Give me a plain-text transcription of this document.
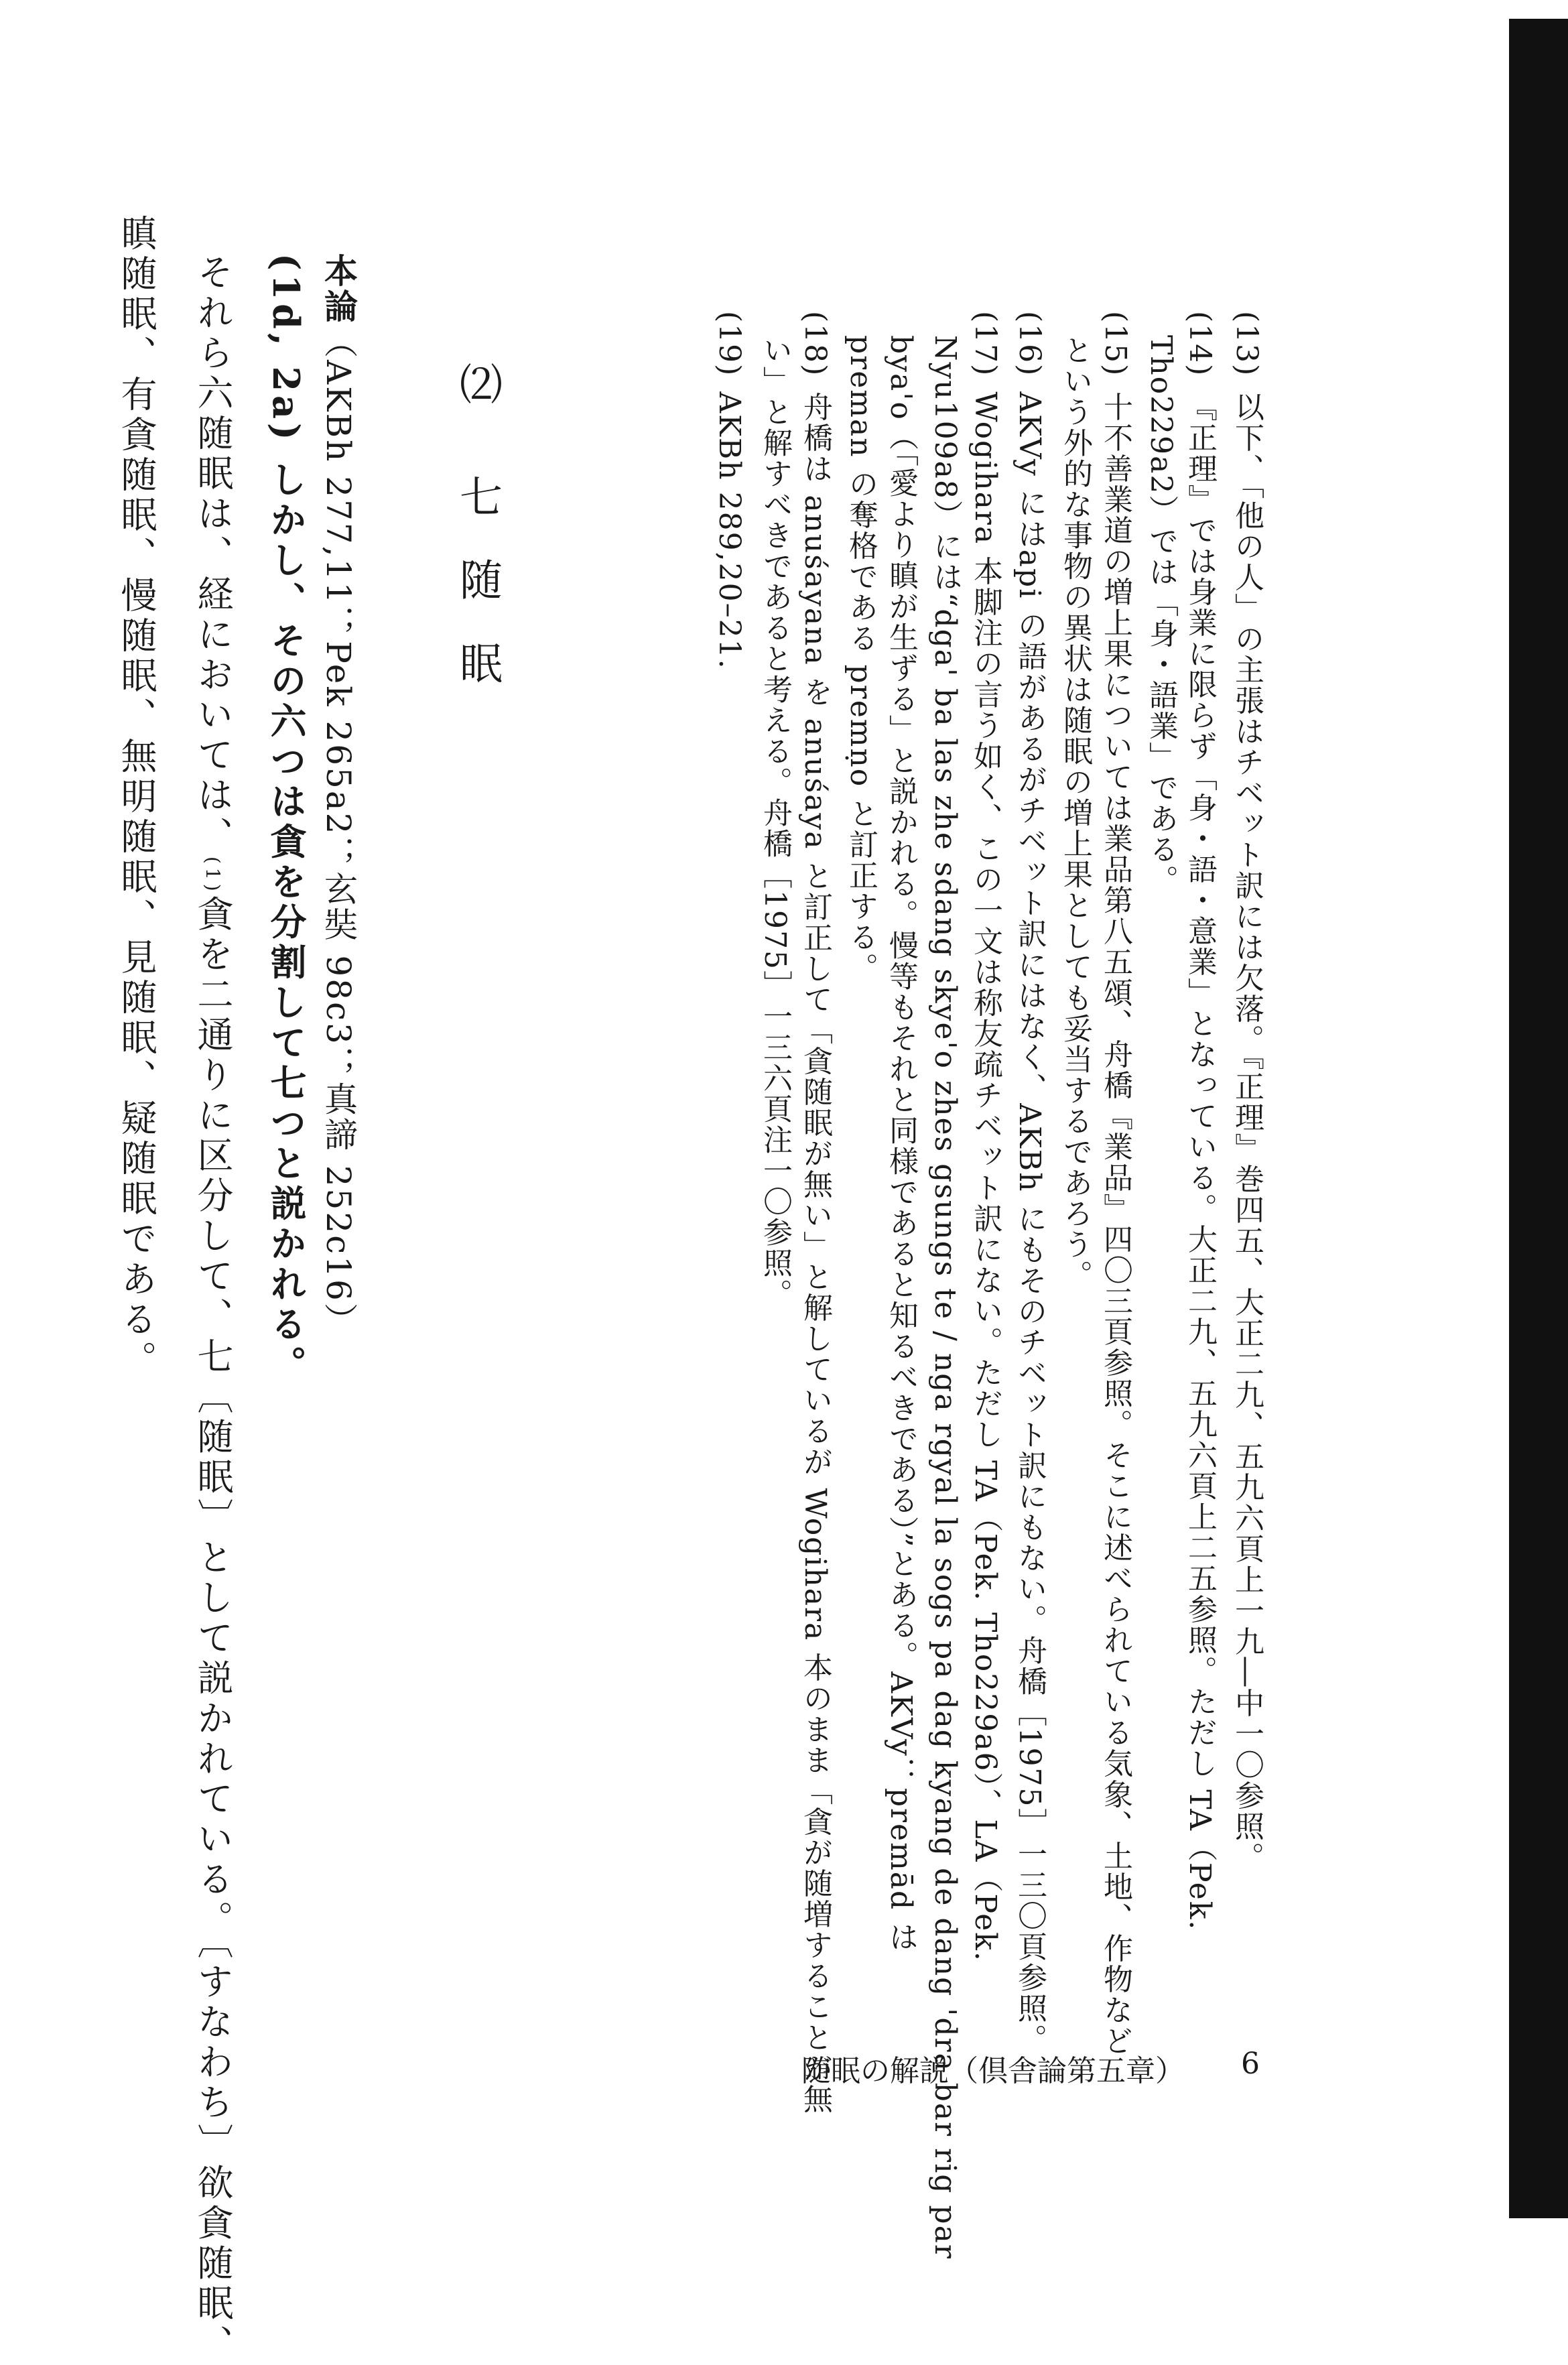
(13)以下、「他の人」の主張はチベット訳には欠落。『正理』巻四五、大正二九、五九六頁上一九―中一〇参照。
(14)『正理』では身業に限らず「身・語・意業」となっている。大正二九、五九六頁上二五参照。ただし TA（Pek.
Tho229a2）では「身・語業」である。
(15)十不善業道の増上果については業品第八五頌、舟橋『業品』四〇三頁参照。そこに述べられている気象、土地、作物など
という外的な事物の異状は随眠の増上果としても妥当するであろう。
(16)AKVy にはapi の語があるがチベット訳にはなく、AKBh にもそのチベット訳にもない。舟橋［1975］一三〇頁参照。
(17)Wogihara 本脚注の言う如く、この一文は称友疏チベット訳にない。ただし TA（Pek. Tho229a6）、LA（Pek.
Nyu109a8）には“dga' ba las zhe sdang skye'o zhes gsungs te / nga rgyal la sogs pa dag kyang de dang 'dra bar rig par
bya'o（「愛より瞋が生ずる」と説かれる。慢等もそれと同様であると知るべきである）”とある。AKVy：premād は
preman の奪格である premṇo と訂正する。
(18)舟橋は anuśayana を anuśaya と訂正して「貪随眠が無い」と解しているが Wogihara 本のまま「貪が随増することが無
い」と解すべきであると考える。舟橋［1975］一三六頁注一〇参照。
(19)AKBh 289,20–21.
⑵　七 随 眠
本論（AKBh 277,11；Pek 265a2；玄奘 98c3；真諦 252c16）
(1d, 2a) しかし、その六つは貪を分割して七つと説かれる。
それら六随眠は、経においては、(1)貪を二通りに区分して、七〔随眠〕として説かれている。〔すなわち〕欲貪随眠、
瞋随眠、有貪随眠、慢随眠、無明随眠、見随眠、疑随眠である。
随眠の解説（倶舎論第五章） 6
